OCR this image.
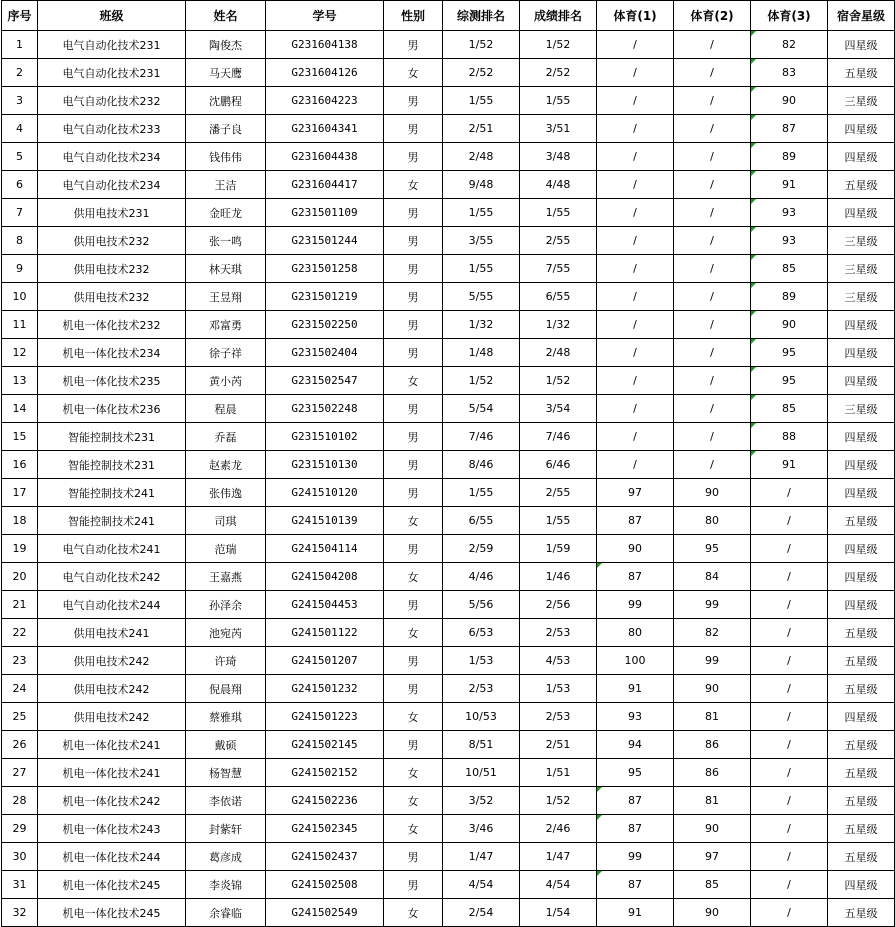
序号	班级	姓名	学号	性别	综测排名	成绩排名	体育(1)	体育(2)	体育(3)	宿舍星级
1	电气自动化技术231	陶俊杰	G231604138	男	1/52	1/52	/	/	82	四星级
2	电气自动化技术231	马天鹰	G231604126	女	2/52	2/52	/	/	83	五星级
3	电气自动化技术232	沈鹏程	G231604223	男	1/55	1/55	/	/	90	三星级
4	电气自动化技术233	潘子良	G231604341	男	2/51	3/51	/	/	87	四星级
5	电气自动化技术234	钱伟伟	G231604438	男	2/48	3/48	/	/	89	四星级
6	电气自动化技术234	王洁	G231604417	女	9/48	4/48	/	/	91	五星级
7	供用电技术231	金旺龙	G231501109	男	1/55	1/55	/	/	93	四星级
8	供用电技术232	张一鸣	G231501244	男	3/55	2/55	/	/	93	三星级
9	供用电技术232	林天琪	G231501258	男	1/55	7/55	/	/	85	三星级
10	供用电技术232	王昱翔	G231501219	男	5/55	6/55	/	/	89	三星级
11	机电一体化技术232	邓富勇	G231502250	男	1/32	1/32	/	/	90	四星级
12	机电一体化技术234	徐子祥	G231502404	男	1/48	2/48	/	/	95	四星级
13	机电一体化技术235	黄小芮	G231502547	女	1/52	1/52	/	/	95	四星级
14	机电一体化技术236	程晨	G231502248	男	5/54	3/54	/	/	85	三星级
15	智能控制技术231	乔磊	G231510102	男	7/46	7/46	/	/	88	四星级
16	智能控制技术231	赵素龙	G231510130	男	8/46	6/46	/	/	91	四星级
17	智能控制技术241	张伟逸	G241510120	男	1/55	2/55	97	90	/	四星级
18	智能控制技术241	司琪	G241510139	女	6/55	1/55	87	80	/	五星级
19	电气自动化技术241	范瑞	G241504114	男	2/59	1/59	90	95	/	四星级
20	电气自动化技术242	王嘉燕	G241504208	女	4/46	1/46	87	84	/	四星级
21	电气自动化技术244	孙泽余	G241504453	男	5/56	2/56	99	99	/	四星级
22	供用电技术241	池宛芮	G241501122	女	6/53	2/53	80	82	/	五星级
23	供用电技术242	许琦	G241501207	男	1/53	4/53	100	99	/	五星级
24	供用电技术242	倪晨翔	G241501232	男	2/53	1/53	91	90	/	五星级
25	供用电技术242	蔡雅琪	G241501223	女	10/53	2/53	93	81	/	四星级
26	机电一体化技术241	戴硕	G241502145	男	8/51	2/51	94	86	/	五星级
27	机电一体化技术241	杨智慧	G241502152	女	10/51	1/51	95	86	/	五星级
28	机电一体化技术242	李依诺	G241502236	女	3/52	1/52	87	81	/	五星级
29	机电一体化技术243	封紫轩	G241502345	女	3/46	2/46	87	90	/	五星级
30	机电一体化技术244	葛彦成	G241502437	男	1/47	1/47	99	97	/	五星级
31	机电一体化技术245	李炎锦	G241502508	男	4/54	4/54	87	85	/	四星级
32	机电一体化技术245	余睿临	G241502549	女	2/54	1/54	91	90	/	五星级
